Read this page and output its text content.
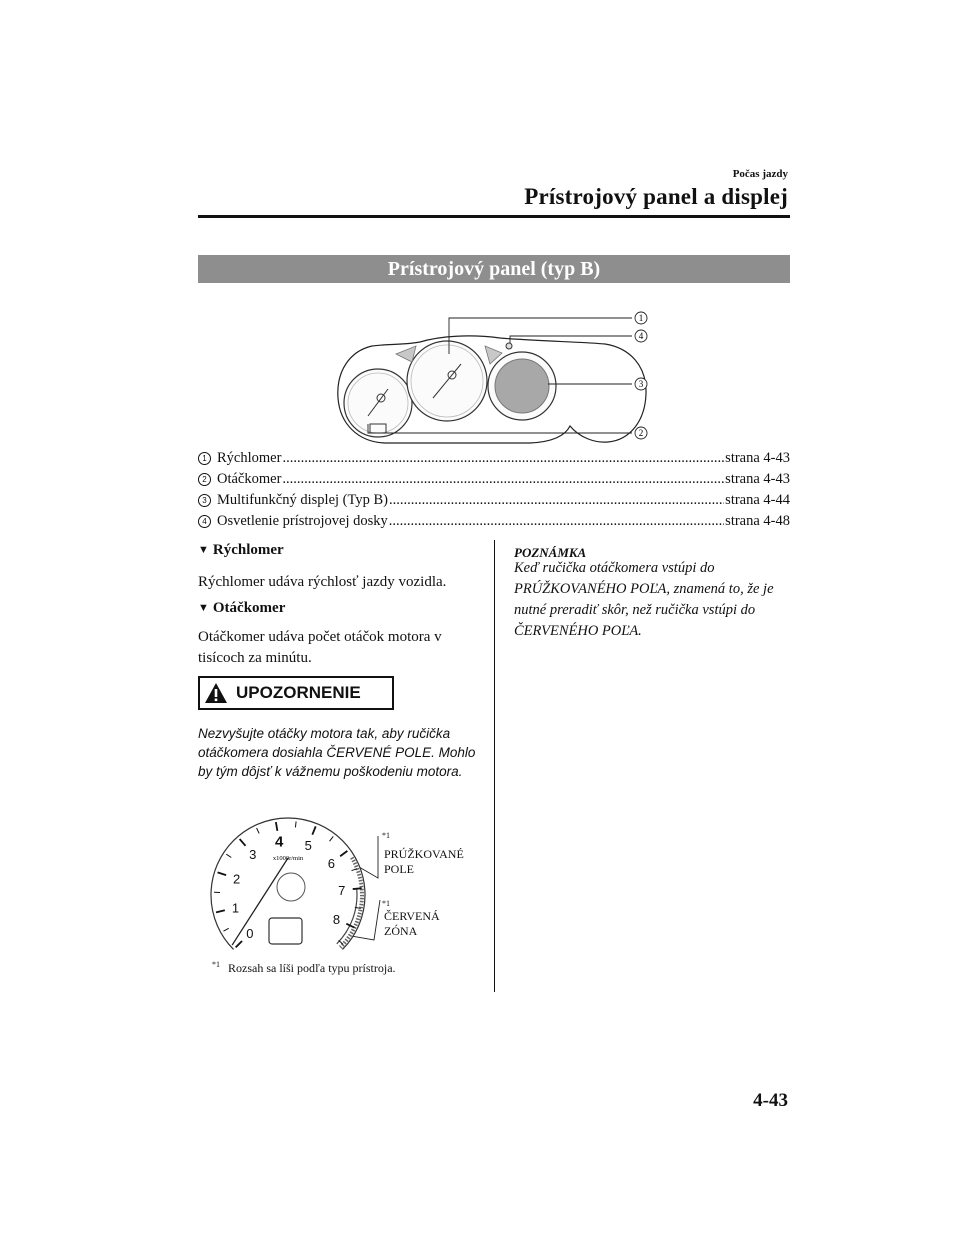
Počas jazdy
Prístrojový panel a displej
Prístrojový panel (typ B)
1
4
3
2
1 Rýchlomer .....	strana 4-43
2 Otáčkomer .....	strana 4-43
3 Multifunkčný displej (Typ B) .....	strana 4-44
4 Osvetlenie prístrojovej dosky .....	strana 4-48

▼ Rýchlomer

Rýchlomer udáva rýchlosť jazdy vozidla.

▼ Otáčkomer

Otáčkomer udáva počet otáčok motora v tisícoch za minútu.

UPOZORNENIE
Nezvyšujte otáčky motora tak, aby ručička otáčkomera dosiahla ČERVENÉ POLE. Mohlo by tým dôjsť k vážnemu poškodeniu motora.
0
1
2
3
4 5
6
7
8
x1000r/min
*1
PRÚŽKOVANÉ
POLE
*1
ČERVENÁ
ZÓNA
*1 Rozsah sa líši podľa typu prístroja.
POZNÁMKA
Keď ručička otáčkomera vstúpi do PRÚŽKOVANÉHO POĽA, znamená to, že je nutné preradiť skôr, než ručička vstúpi do ČERVENÉHO POĽA.
4-43
